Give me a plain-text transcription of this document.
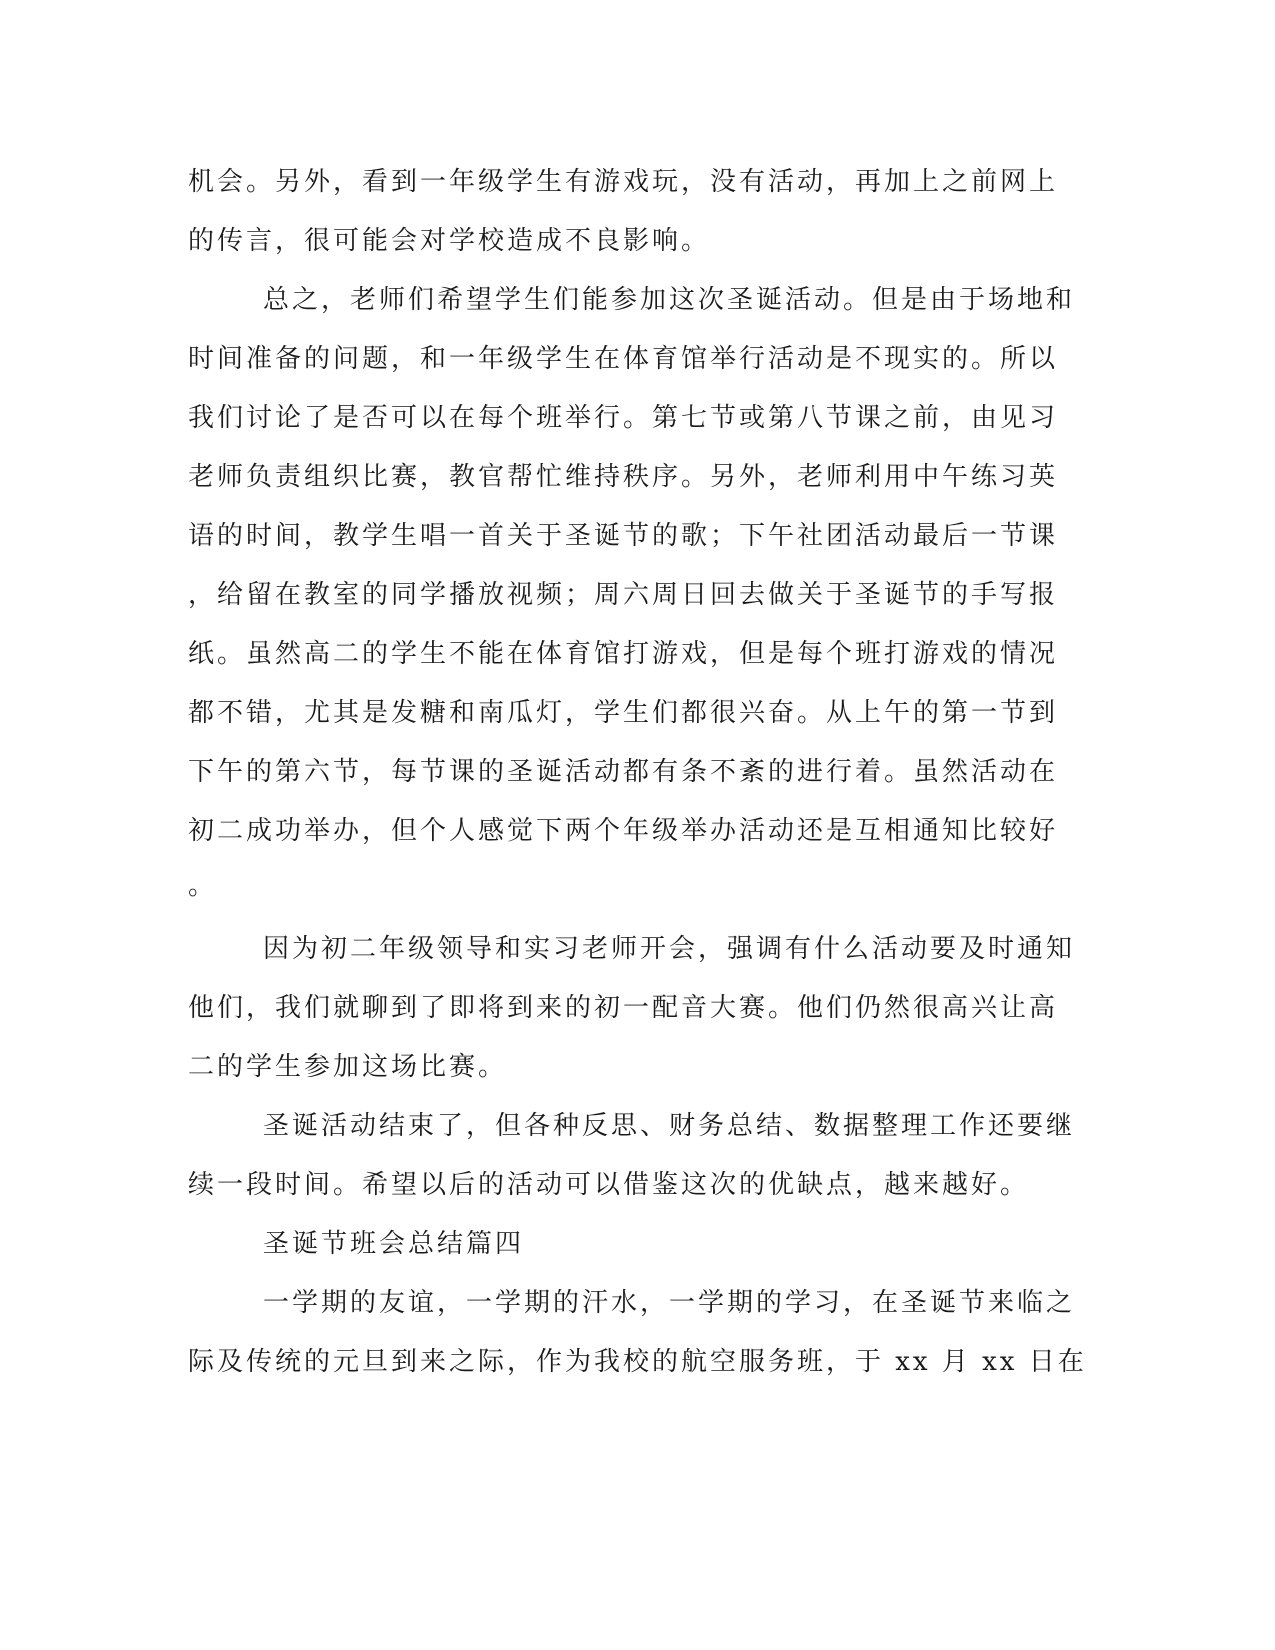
机会。另外，看到一年级学生有游戏玩，没有活动，再加上之前网上
的传言，很可能会对学校造成不良影响。
总之，老师们希望学生们能参加这次圣诞活动。但是由于场地和
时间准备的问题，和一年级学生在体育馆举行活动是不现实的。所以
我们讨论了是否可以在每个班举行。第七节或第八节课之前，由见习
老师负责组织比赛，教官帮忙维持秩序。另外，老师利用中午练习英
语的时间，教学生唱一首关于圣诞节的歌；下午社团活动最后一节课
，给留在教室的同学播放视频；周六周日回去做关于圣诞节的手写报
纸。虽然高二的学生不能在体育馆打游戏，但是每个班打游戏的情况
都不错，尤其是发糖和南瓜灯，学生们都很兴奋。从上午的第一节到
下午的第六节，每节课的圣诞活动都有条不紊的进行着。虽然活动在
初二成功举办，但个人感觉下两个年级举办活动还是互相通知比较好
。
因为初二年级领导和实习老师开会，强调有什么活动要及时通知
他们，我们就聊到了即将到来的初一配音大赛。他们仍然很高兴让高
二的学生参加这场比赛。
圣诞活动结束了，但各种反思、财务总结、数据整理工作还要继
续一段时间。希望以后的活动可以借鉴这次的优缺点，越来越好。
圣诞节班会总结篇四
一学期的友谊，一学期的汗水，一学期的学习，在圣诞节来临之
际及传统的元旦到来之际，作为我校的航空服务班，于 xx 月 xx 日在
